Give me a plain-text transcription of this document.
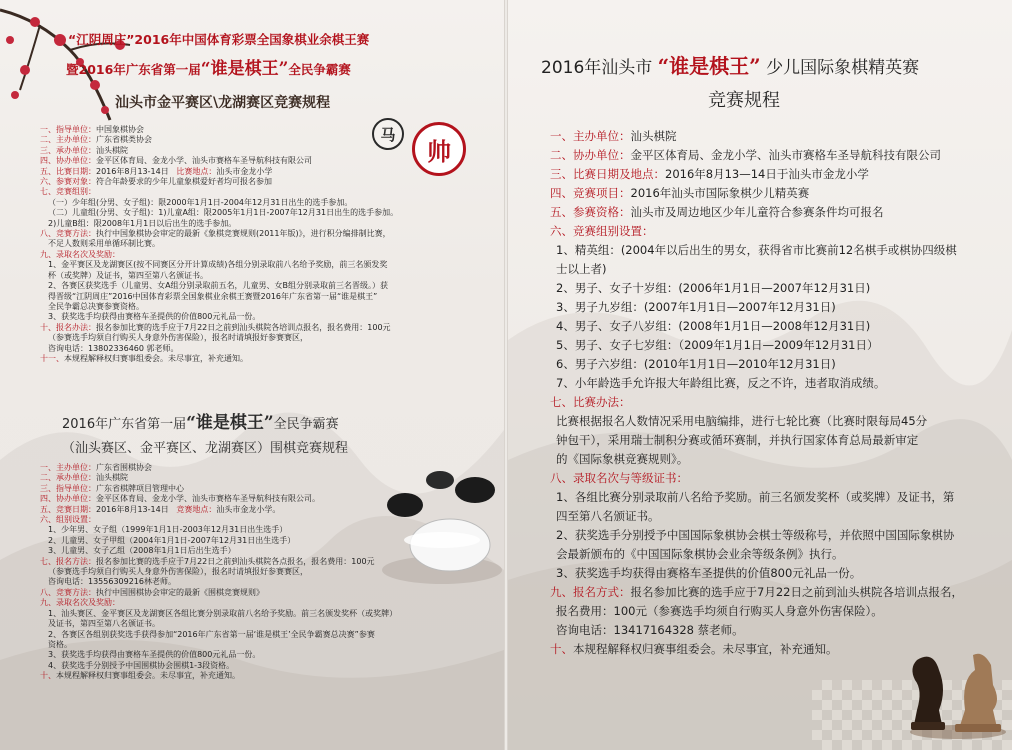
“江阴周庄”2016年中国体育彩票全国象棋业余棋王赛
暨2016年广东省第一届“谁是棋王”全民争霸赛
汕头市金平赛区\龙湖赛区竞赛规程
马
帅
一、指导单位：中国象棋协会
二、主办单位：广东省棋类协会
三、承办单位：汕头棋院
四、协办单位：金平区体育局、金龙小学、汕头市赛格车圣导航科技有限公司
五、比赛日期：2016年8月13-14日 比赛地点：汕头市金龙小学
六、参赛对象：符合年龄要求的少年儿童象棋爱好者均可报名参加
七、竞赛组别：
（一）少年组(分男、女子组)：限2000年1月1日-2004年12月31日出生的选手参加。
（二）儿童组(分男、女子组)：1)儿童A组：限2005年1月1日-2007年12月31日出生的选手参加。
2)儿童B组：限2008年1月1日以后出生的选手参加。
八、竞赛方法：执行中国象棋协会审定的最新《象棋竞赛规则(2011年版)》，进行积分编排制比赛，
不足人数则采用单循环制比赛。
九、录取名次及奖励：
1、金平赛区及龙湖赛区(按不同赛区分开计算成绩)各组分别录取前八名给予奖励，前三名颁发奖
杯（或奖牌）及证书，第四至第八名颁证书。
2、各赛区获奖选手（儿童男、女A组分别录取前五名，儿童男、女B组分别录取前三名晋级。）获
得晋级“江阴周庄”2016中国体育彩票全国象棋业余棋王赛暨2016年广东省第一届“谁是棋王”
全民争霸总决赛参赛资格。
3、获奖选手均获得由赛格车圣提供的价值800元礼品一份。
十、报名办法：报名参加比赛的选手应于7月22日之前到汕头棋院各培训点报名，报名费用：100元
（参赛选手均须自行购买人身意外伤害保险），报名时请填报好参赛赛区，
咨询电话：13802336460 郭老师。
十一、本规程解释权归赛事组委会。未尽事宜，补充通知。
2016年广东省第一届“谁是棋王”全民争霸赛
（汕头赛区、金平赛区、龙湖赛区）围棋竞赛规程
一、主办单位：广东省围棋协会
二、承办单位：汕头棋院
三、指导单位：广东省棋牌项目管理中心
四、协办单位：金平区体育局、金龙小学、汕头市赛格车圣导航科技有限公司。
五、竞赛日期：2016年8月13-14日 竞赛地点：汕头市金龙小学。
六、组别设置：
1、少年男、女子组（1999年1月1日-2003年12月31日出生选手）
2、儿童男、女子甲组（2004年1月1日-2007年12月31日出生选手）
3、儿童男、女子乙组（2008年1月1日后出生选手）
七、报名方法：报名参加比赛的选手应于7月22日之前到汕头棋院各点报名，报名费用：100元
（参赛选手均须自行购买人身意外伤害保险），报名时请填报好参赛赛区，
咨询电话：13556309216林老师。
八、竞赛方法：执行中国围棋协会审定的最新《围棋竞赛规则》
九、录取名次及奖励：
1、汕头赛区、金平赛区及龙湖赛区各组比赛分别录取前八名给予奖励。前三名颁发奖杯（或奖牌）
及证书，第四至第八名颁证书。
2、各赛区各组别获奖选手获得参加“2016年广东省第一届‘谁是棋王’全民争霸赛总决赛”参赛
资格。
3、获奖选手均获得由赛格车圣提供的价值800元礼品一份。
4、获奖选手分别授予中国围棋协会围棋1-3段资格。
十、本规程解释权归赛事组委会。未尽事宜，补充通知。
2016年汕头市 “谁是棋王” 少儿国际象棋精英赛
竞赛规程
一、主办单位：汕头棋院
二、协办单位：金平区体育局、金龙小学、汕头市赛格车圣导航科技有限公司
三、比赛日期及地点：2016年8月13—14日于汕头市金龙小学
四、竞赛项目：2016年汕头市国际象棋少儿精英赛
五、参赛资格：汕头市及周边地区少年儿童符合参赛条件均可报名
六、竞赛组别设置：
1、精英组：(2004年以后出生的男女，获得省市比赛前12名棋手或棋协四级棋
士以上者)
2、男子、女子十岁组：(2006年1月1日—2007年12月31日)
3、男子九岁组：(2007年1月1日—2007年12月31日)
4、男子、女子八岁组：(2008年1月1日—2008年12月31日)
5、男子、女子七岁组：（2009年1月1日—2009年12月31日）
6、男子六岁组：(2010年1月1日—2010年12月31日)
7、小年龄选手允许报大年龄组比赛，反之不许，违者取消成绩。
七、比赛办法：
比赛根据报名人数情况采用电脑编排，进行七轮比赛（比赛时限每局45分
钟包干），采用瑞士制积分赛或循环赛制，并执行国家体育总局最新审定
的《国际象棋竞赛规则》。
八、录取名次与等级证书：
1、各组比赛分别录取前八名给予奖励。前三名颁发奖杯（或奖牌）及证书，第
四至第八名颁证书。
2、获奖选手分别授予中国国际象棋协会棋士等级称号，并依照中国国际象棋协
会最新颁布的《中国国际象棋协会业余等级条例》执行。
3、获奖选手均获得由赛格车圣提供的价值800元礼品一份。
九、报名方式：报名参加比赛的选手应于7月22日之前到汕头棋院各培训点报名，
报名费用：100元（参赛选手均须自行购买人身意外伤害保险）。
咨询电话：13417164328 蔡老师。
十、本规程解释权归赛事组委会。未尽事宜，补充通知。
